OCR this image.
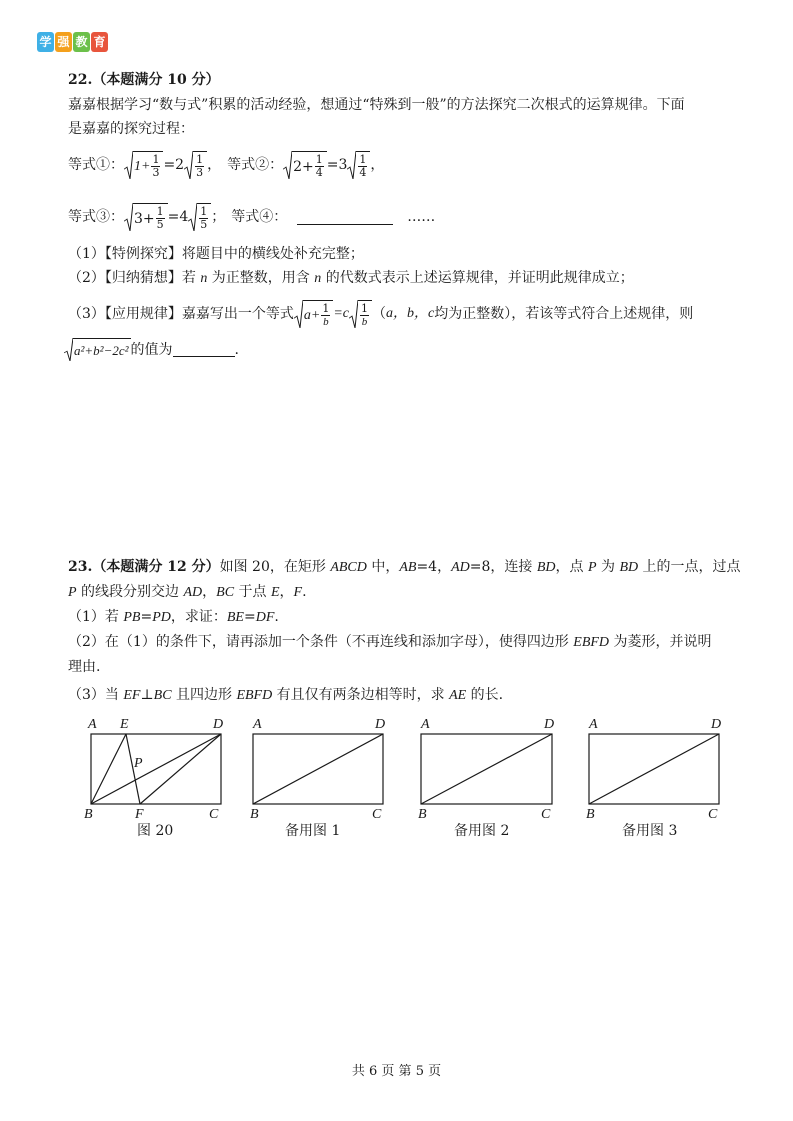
学 强 教 育
22.（本题满分 10 分）
嘉嘉根据学习“数与式”积累的活动经验，想通过“特殊到一般”的方法探究二次根式的运算规律。下面
是嘉嘉的探究过程：
等式①： $1+ \frac{1}{3} =2 \frac{1}{3}$ ， 等式②： $2+ \frac{1}{4} =3 \frac{1}{4}$ ，
等式③： $3+ \frac{1}{5} =4 \frac{1}{5}$ ； 等式④：	……
（1）【特例探究】将题目中的横线处补充完整；
（2）【归纳猜想】若 n 为正整数，用含 n 的代数式表示上述运算规律，并证明此规律成立；
（3）【应用规律】嘉嘉写出一个等式 $a+ \frac{1}{b} =c \frac{1}{b}$ （ a，b，c 均为正整数），若该等式符合上述规律，则
a²+b²−2c² 的值为	.
23.（本题满分 12 分）如图 20，在矩形 ABCD 中，AB=4，AD=8，连接 BD，点 P 为 BD 上的一点，过点
P 的线段分别交边 AD，BC 于点 E，F.
（1）若 PB=PD，求证：BE=DF.
（2）在（1）的条件下，请再添加一个条件（不再连线和添加字母），使得四边形 EBFD 为菱形，并说明
理由.
（3）当 EF⊥BC 且四边形 EBFD 有且仅有两条边相等时，求 AE 的长.
A E	D
P
B	F	C
图 20
A	D
B	C
备用图 1
A	D
B	C
备用图 2
A	D
B	C
备用图 3
共 6 页 第 5 页
